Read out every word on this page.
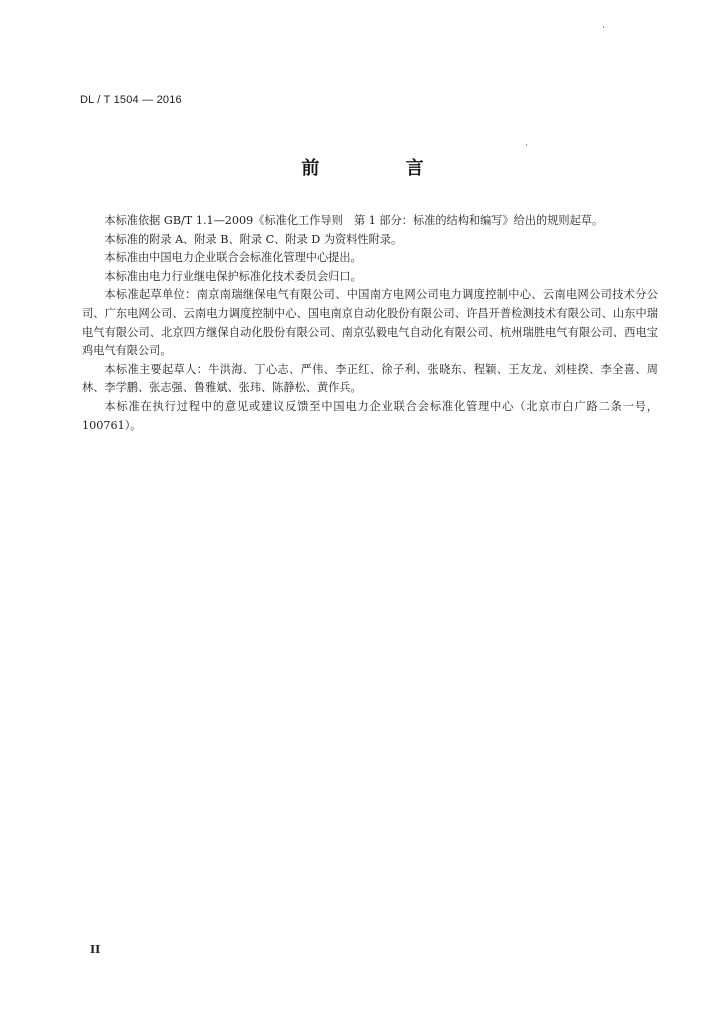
DL / T 1504 — 2016
前 言

本标准依据 GB/T 1.1—2009《标准化工作导则　第 1 部分：标准的结构和编写》给出的规则起草。

本标准的附录 A、附录 B、附录 C、附录 D 为资料性附录。

本标准由中国电力企业联合会标准化管理中心提出。

本标准由电力行业继电保护标准化技术委员会归口。

本标准起草单位：南京南瑞继保电气有限公司、中国南方电网公司电力调度控制中心、云南电网公司技术分公司、广东电网公司、云南电力调度控制中心、国电南京自动化股份有限公司、许昌开普检测技术有限公司、山东中瑞电气有限公司、北京四方继保自动化股份有限公司、南京弘毅电气自动化有限公司、杭州瑞胜电气有限公司、西电宝鸡电气有限公司。

本标准主要起草人：牛洪海、丁心志、严伟、李正红、徐子利、张晓东、程颖、王友龙、刘桂揆、李全喜、周林、李学鹏、张志强、鲁雅斌、张玮、陈静松、黄作兵。

本标准在执行过程中的意见或建议反馈至中国电力企业联合会标准化管理中心（北京市白广路二条一号，100761）。

II
